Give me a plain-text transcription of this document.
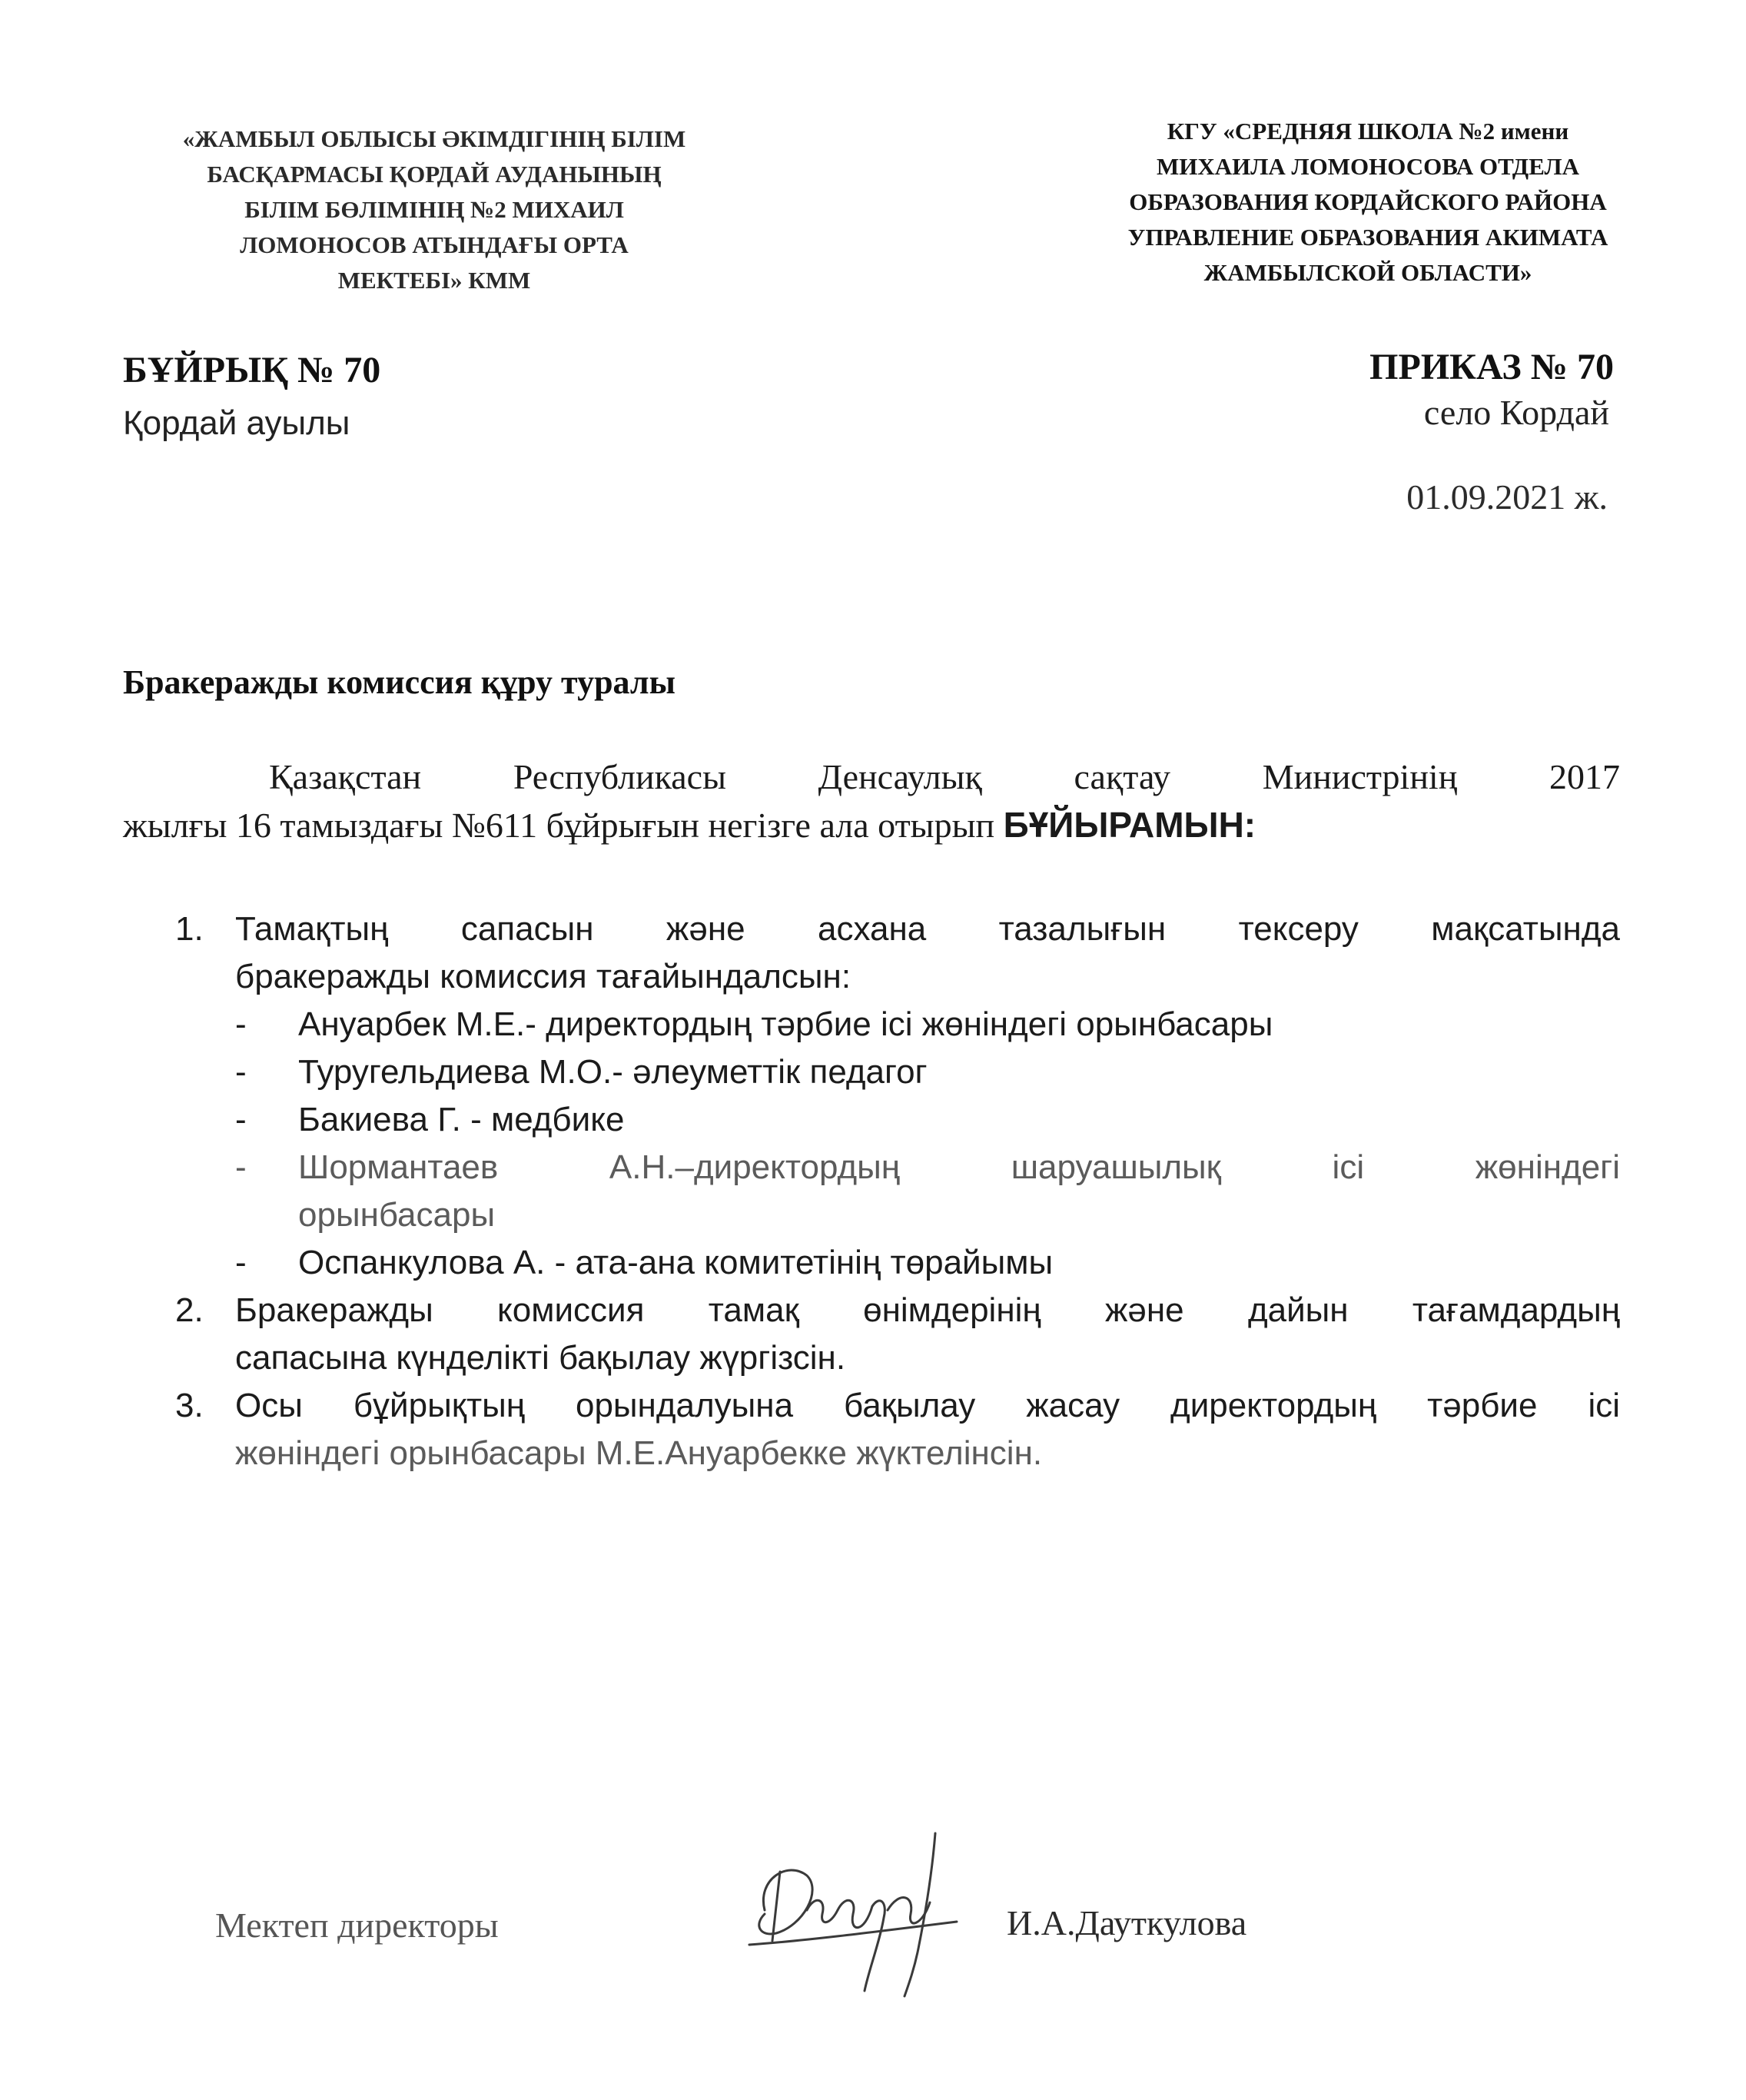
«ЖАМБЫЛ ОБЛЫСЫ ӘКІМДІГІНІҢ БІЛІМ
БАСҚАРМАСЫ ҚОРДАЙ АУДАНЫНЫҢ
БІЛІМ БӨЛІМІНІҢ №2 МИХАИЛ
ЛОМОНОСОВ АТЫНДАҒЫ ОРТА
МЕКТЕБІ» КММ
КГУ «СРЕДНЯЯ ШКОЛА №2 имени
МИХАИЛА ЛОМОНОСОВА ОТДЕЛА
ОБРАЗОВАНИЯ КОРДАЙСКОГО РАЙОНА
УПРАВЛЕНИЕ ОБРАЗОВАНИЯ АКИМАТА
ЖАМБЫЛСКОЙ ОБЛАСТИ»
БҰЙРЫҚ № 70
Қордай ауылы
ПРИКАЗ № 70
село Кордай
01.09.2021 ж.
Бракеражды комиссия құру туралы
Қазақстан Республикасы Денсаулық сақтау Министрінің 2017
жылғы 16 тамыздағы №611 бұйрығын негізге ала отырып БҰЙЫРАМЫН:
1. Тамақтың сапасын және асхана тазалығын тексеру мақсатында
бракеражды комиссия тағайындалсын:
- Ануарбек М.Е.- директордың тәрбие ісі жөніндегі орынбасары
- Туругельдиева М.О.- әлеуметтік педагог
- Бакиева Г. - медбике
- Шормантаев А.Н.–директордың шаруашылық ісі жөніндегі
орынбасары
- Оспанкулова А. - ата-ана комитетінің төрайымы
2. Бракеражды комиссия тамақ өнімдерінің және дайын тағамдардың
сапасына күнделікті бақылау жүргізсін.
3. Осы бұйрықтың орындалуына бақылау жасау директордың тәрбие ісі
жөніндегі орынбасары М.Е.Ануарбекке жүктелінсін.
Мектеп директоры	И.А.Дауткулова
